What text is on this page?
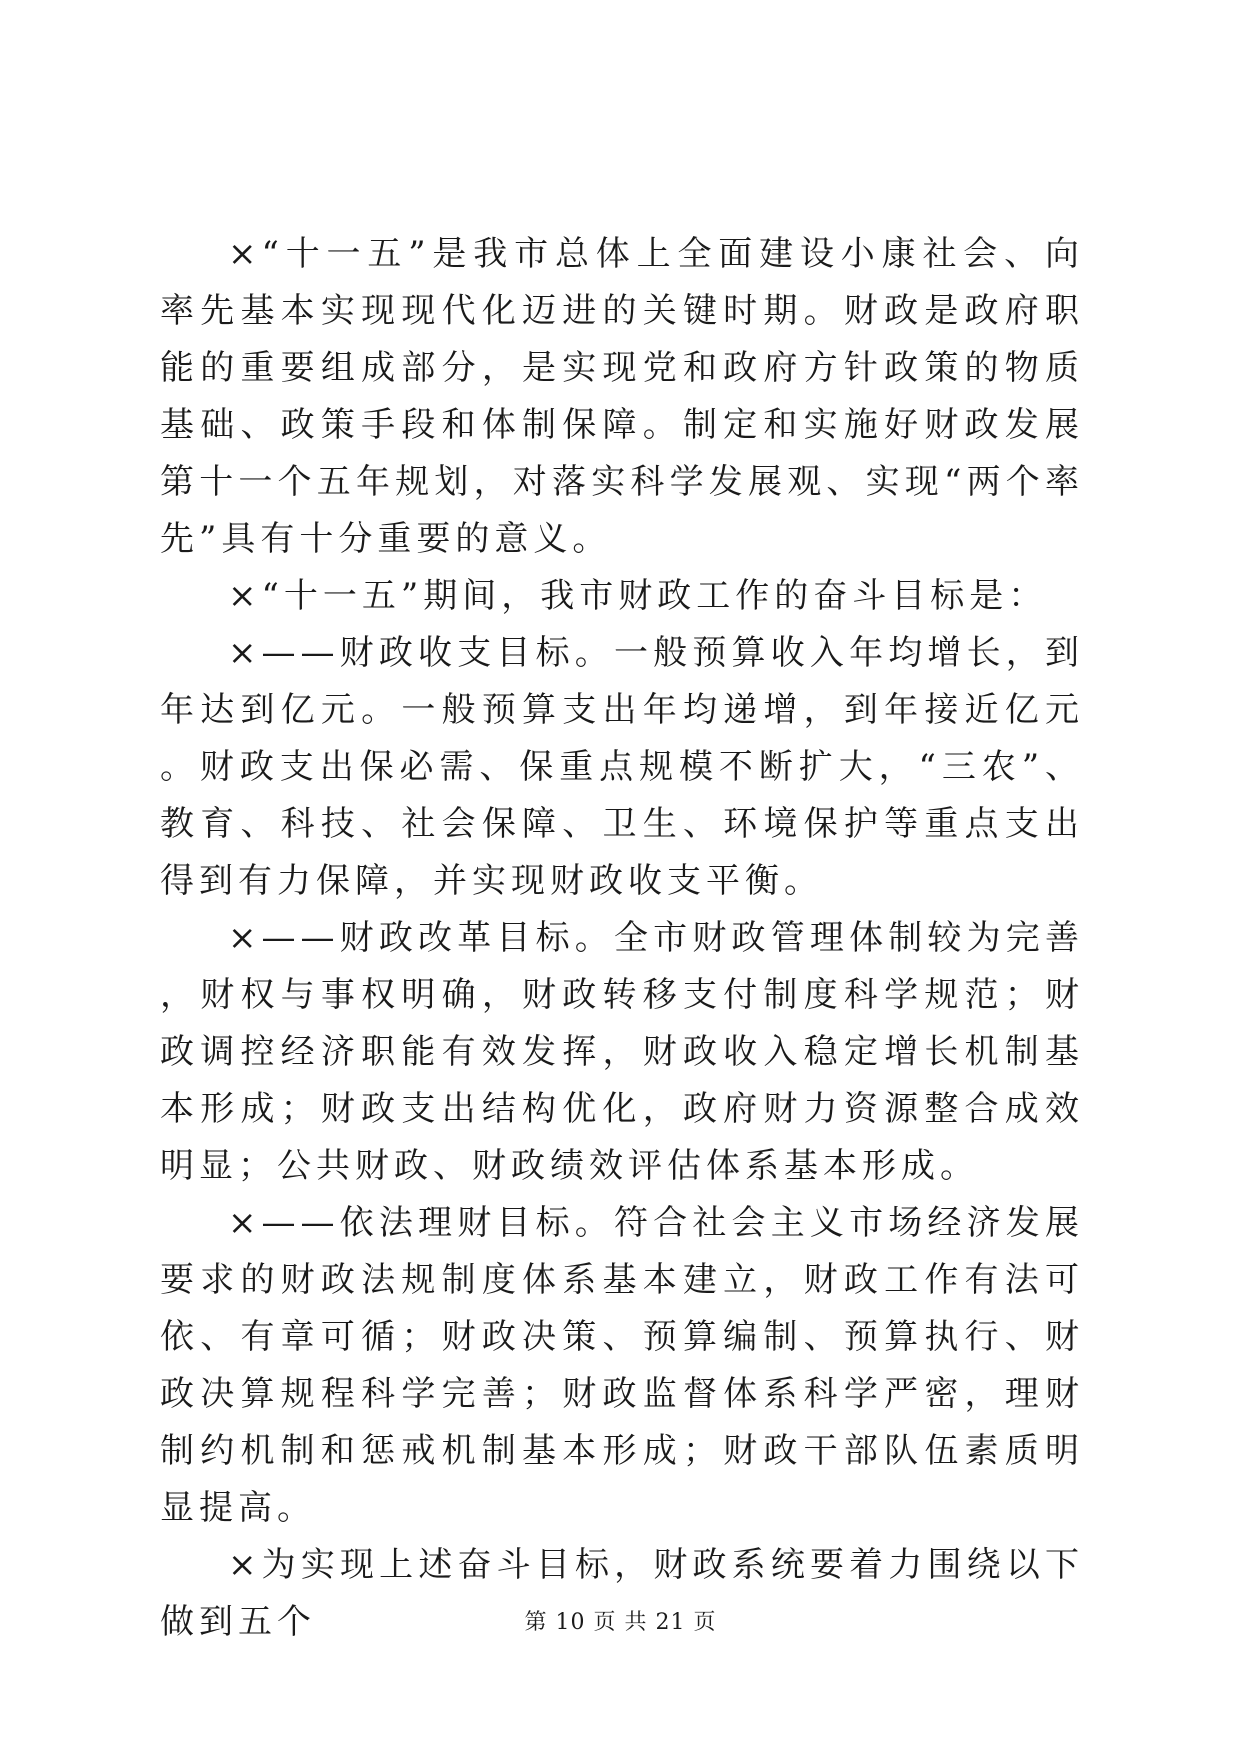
×“十一五”是我市总体上全面建设小康社会、向率先基本实现现代化迈进的关键时期。财政是政府职能的重要组成部分，是实现党和政府方针政策的物质基础、政策手段和体制保障。制定和实施好财政发展第十一个五年规划，对落实科学发展观、实现“两个率先”具有十分重要的意义。

×“十一五”期间，我市财政工作的奋斗目标是：

×——财政收支目标。一般预算收入年均增长，到年达到亿元。一般预算支出年均递增，到年接近亿元。财政支出保必需、保重点规模不断扩大，“三农”、教育、科技、社会保障、卫生、环境保护等重点支出得到有力保障，并实现财政收支平衡。

×——财政改革目标。全市财政管理体制较为完善，财权与事权明确，财政转移支付制度科学规范；财政调控经济职能有效发挥，财政收入稳定增长机制基本形成；财政支出结构优化，政府财力资源整合成效明显；公共财政、财政绩效评估体系基本形成。

×——依法理财目标。符合社会主义市场经济发展要求的财政法规制度体系基本建立，财政工作有法可依、有章可循；财政决策、预算编制、预算执行、财政决算规程科学完善；财政监督体系科学严密，理财制约机制和惩戒机制基本形成；财政干部队伍素质明显提高。

×为实现上述奋斗目标，财政系统要着力围绕以下做到五个	第 10 页 共 21 页
